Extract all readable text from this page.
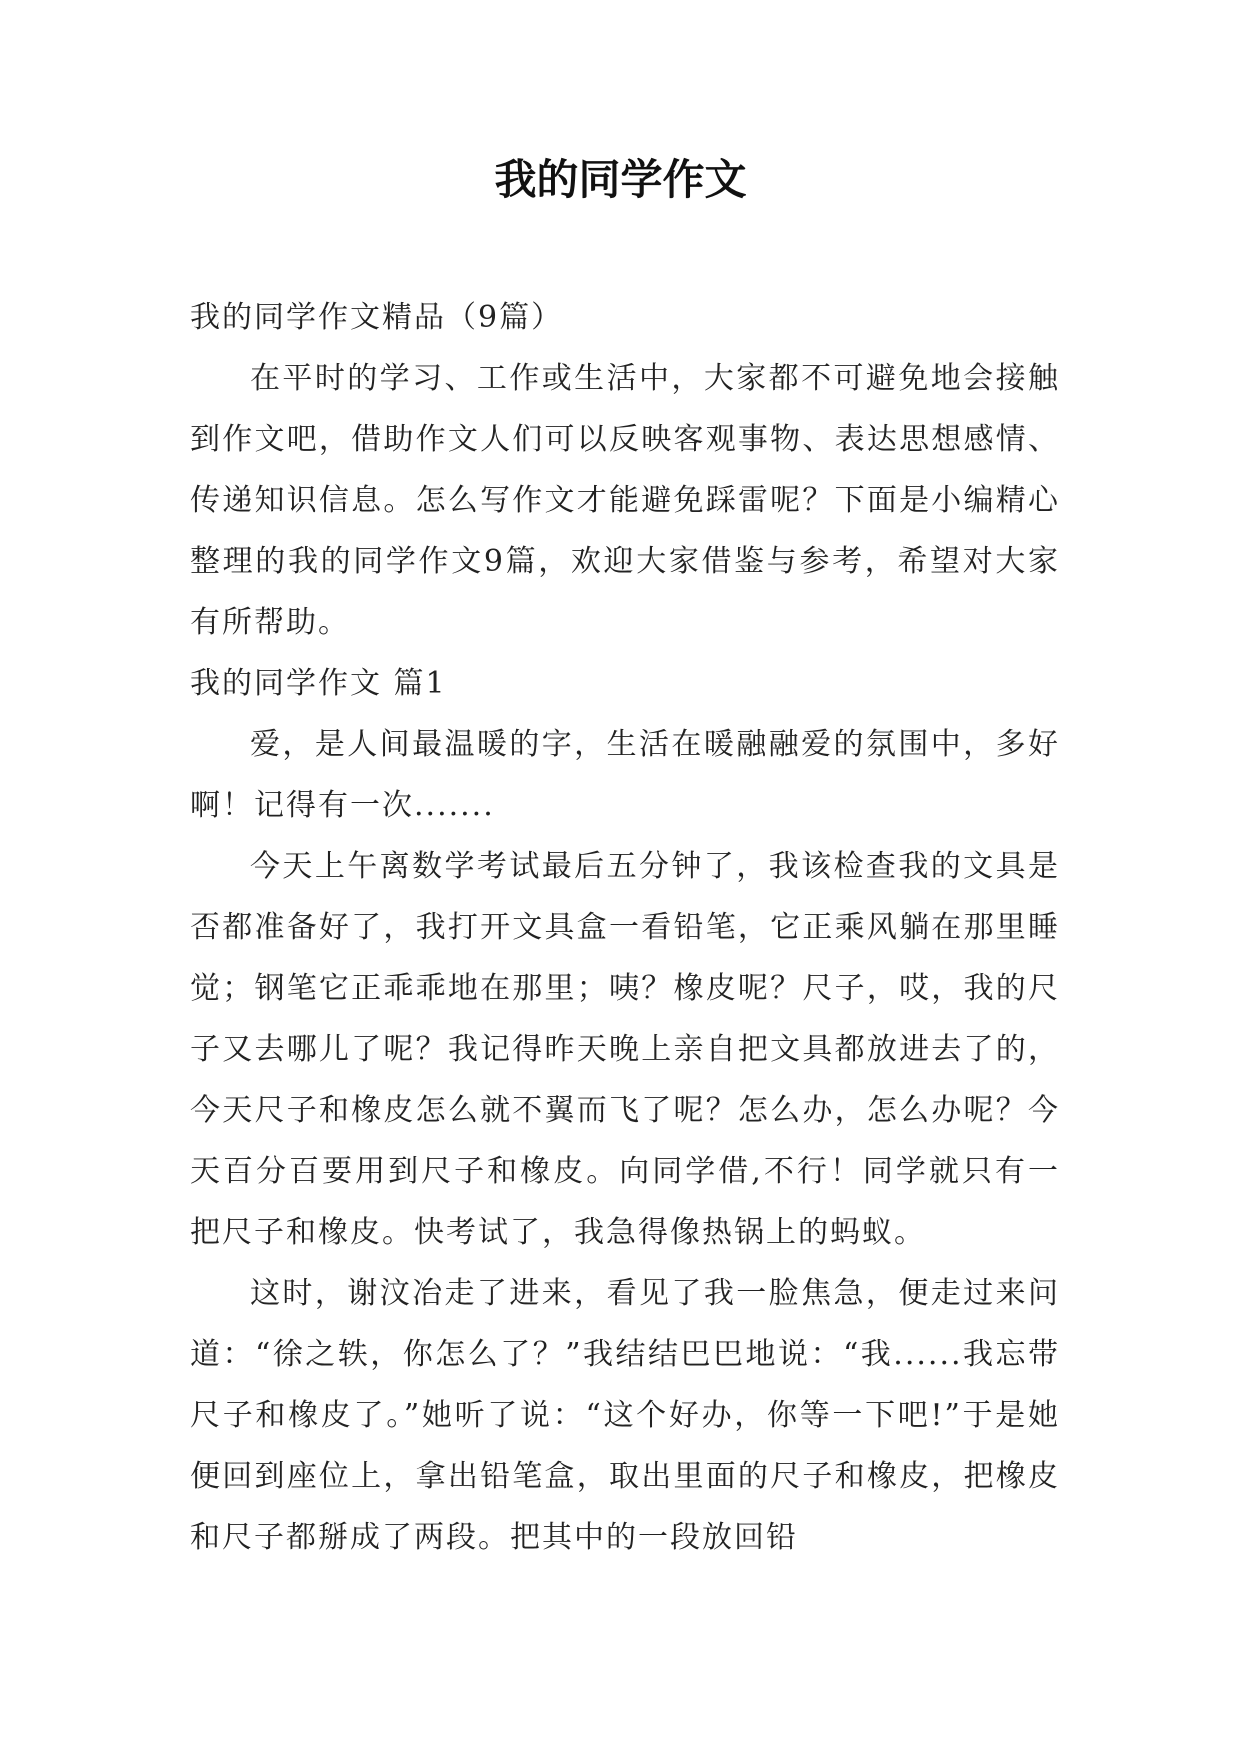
我的同学作文

我的同学作文精品（9篇）

在平时的学习、工作或生活中，大家都不可避免地会接触到作文吧，借助作文人们可以反映客观事物、表达思想感情、传递知识信息。怎么写作文才能避免踩雷呢？下面是小编精心整理的我的同学作文9篇，欢迎大家借鉴与参考，希望对大家有所帮助。

我的同学作文 篇1

爱，是人间最温暖的字，生活在暖融融爱的氛围中，多好啊！记得有一次.......

今天上午离数学考试最后五分钟了，我该检查我的文具是否都准备好了，我打开文具盒一看铅笔，它正乘风躺在那里睡觉；钢笔它正乖乖地在那里；咦？橡皮呢？尺子，哎，我的尺子又去哪儿了呢？我记得昨天晚上亲自把文具都放进去了的，今天尺子和橡皮怎么就不翼而飞了呢？怎么办，怎么办呢？今天百分百要用到尺子和橡皮。向同学借,不行！同学就只有一把尺子和橡皮。快考试了，我急得像热锅上的蚂蚁。

这时，谢汶冶走了进来，看见了我一脸焦急，便走过来问道：“徐之轶，你怎么了？”我结结巴巴地说：“我......我忘带尺子和橡皮了。”她听了说：“这个好办，你等一下吧!”于是她便回到座位上，拿出铅笔盒，取出里面的尺子和橡皮，把橡皮和尺子都掰成了两段。把其中的一段放回铅
